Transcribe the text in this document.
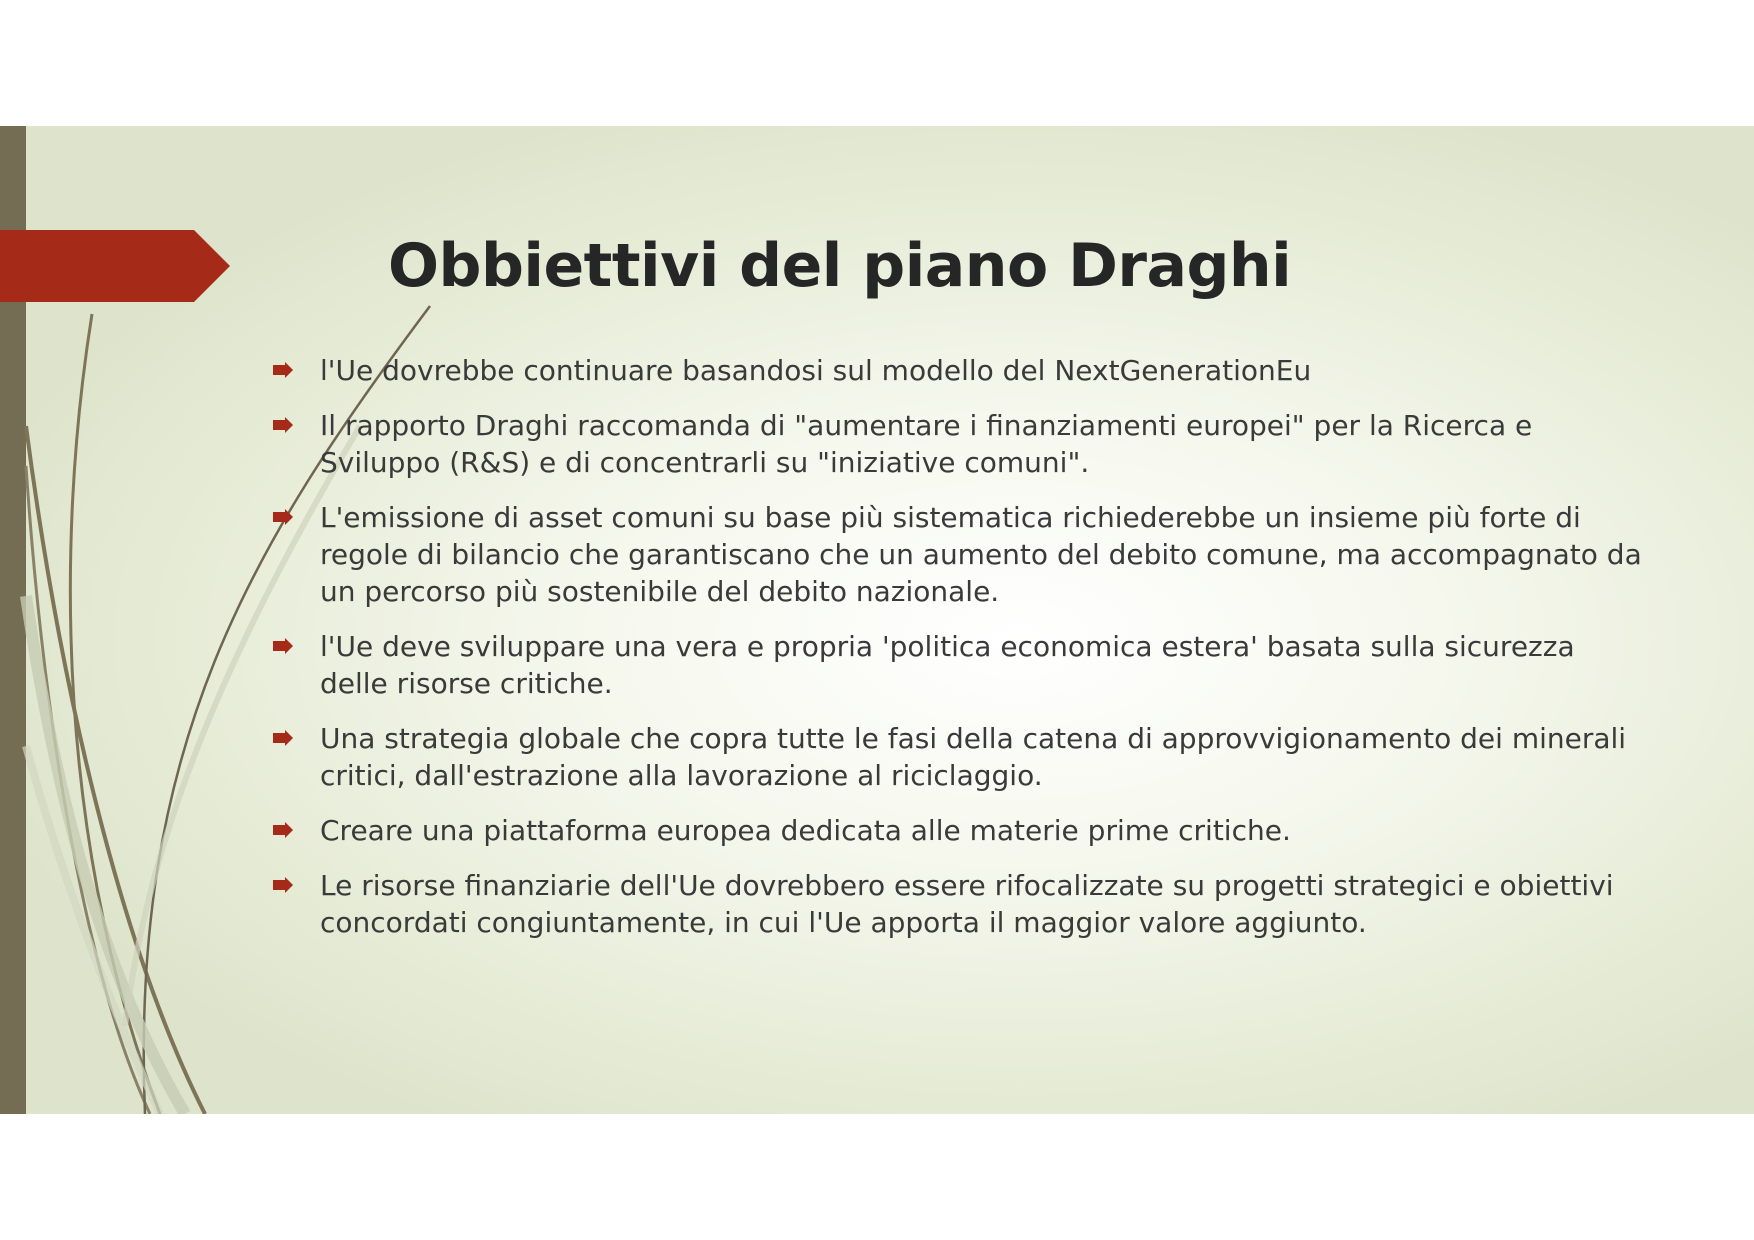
Obbiettivi del piano Draghi
l'Ue dovrebbe continuare basandosi sul modello del NextGenerationEu
Il rapporto Draghi raccomanda di "aumentare i finanziamenti europei" per la Ricerca e Sviluppo (R&S) e di concentrarli su "iniziative comuni".
L'emissione di asset comuni su base più sistematica richiederebbe un insieme più forte di regole di bilancio che garantiscano che un aumento del debito comune, ma accompagnato da un percorso più sostenibile del debito nazionale.
l'Ue deve sviluppare una vera e propria 'politica economica estera' basata sulla sicurezza delle risorse critiche.
Una strategia globale che copra tutte le fasi della catena di approvvigionamento dei minerali critici, dall'estrazione alla lavorazione al riciclaggio.
Creare una piattaforma europea dedicata alle materie prime critiche.
Le risorse finanziarie dell'Ue dovrebbero essere rifocalizzate su progetti strategici e obiettivi concordati congiuntamente, in cui l'Ue apporta il maggior valore aggiunto.
